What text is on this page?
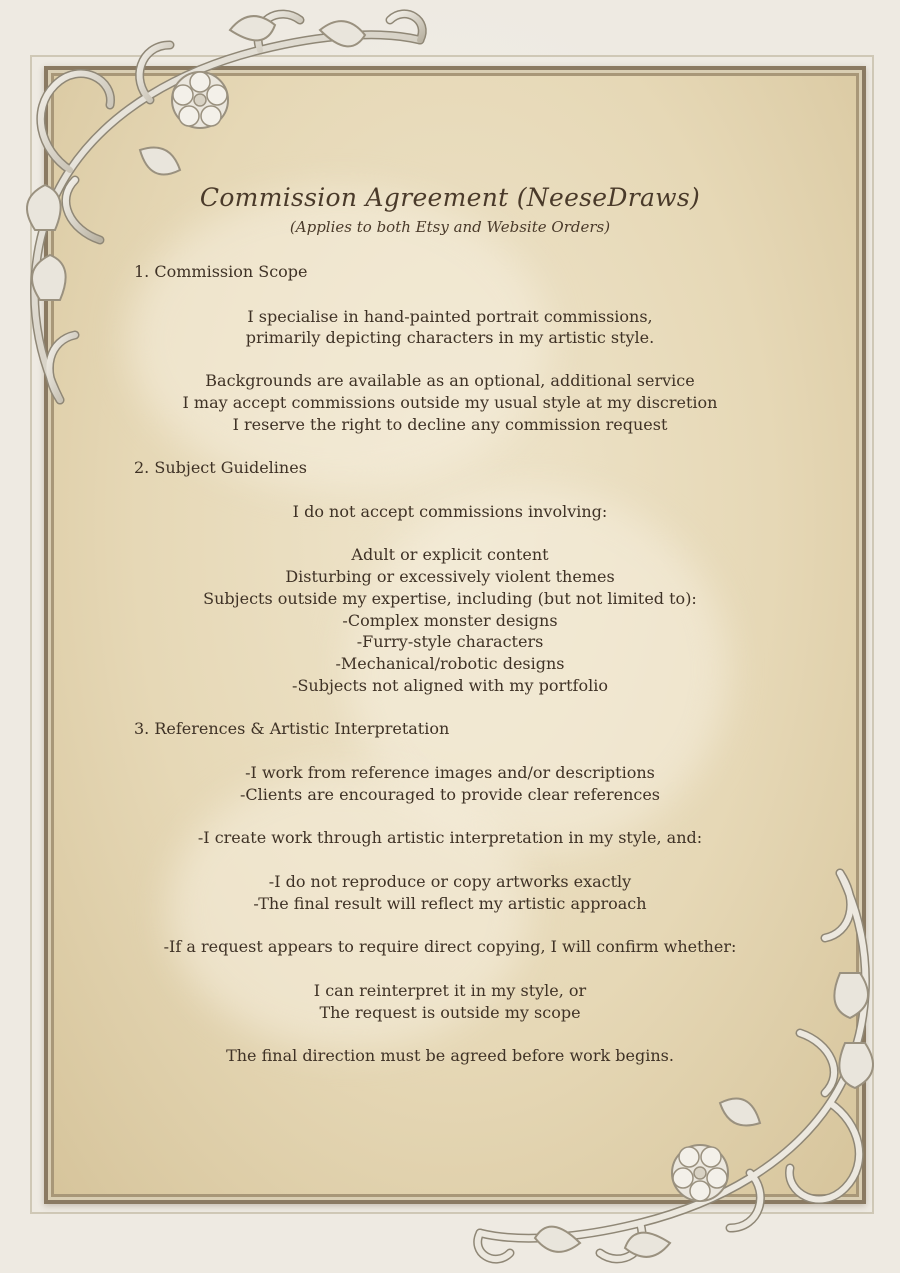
Commission Agreement (NeeseDraws)
(Applies to both Etsy and Website Orders)
1. Commission Scope
I specialise in hand-painted portrait commissions,
primarily depicting characters in my artistic style.
Backgrounds are available as an optional, additional service
I may accept commissions outside my usual style at my discretion
I reserve the right to decline any commission request
2. Subject Guidelines
I do not accept commissions involving:
Adult or explicit content
Disturbing or excessively violent themes
Subjects outside my expertise, including (but not limited to):
-Complex monster designs
-Furry-style characters
-Mechanical/robotic designs
-Subjects not aligned with my portfolio
3. References & Artistic Interpretation
-I work from reference images and/or descriptions
-Clients are encouraged to provide clear references
-I create work through artistic interpretation in my style, and:
-I do not reproduce or copy artworks exactly
-The final result will reflect my artistic approach
-If a request appears to require direct copying, I will confirm whether:
I can reinterpret it in my style, or
The request is outside my scope
The final direction must be agreed before work begins.
